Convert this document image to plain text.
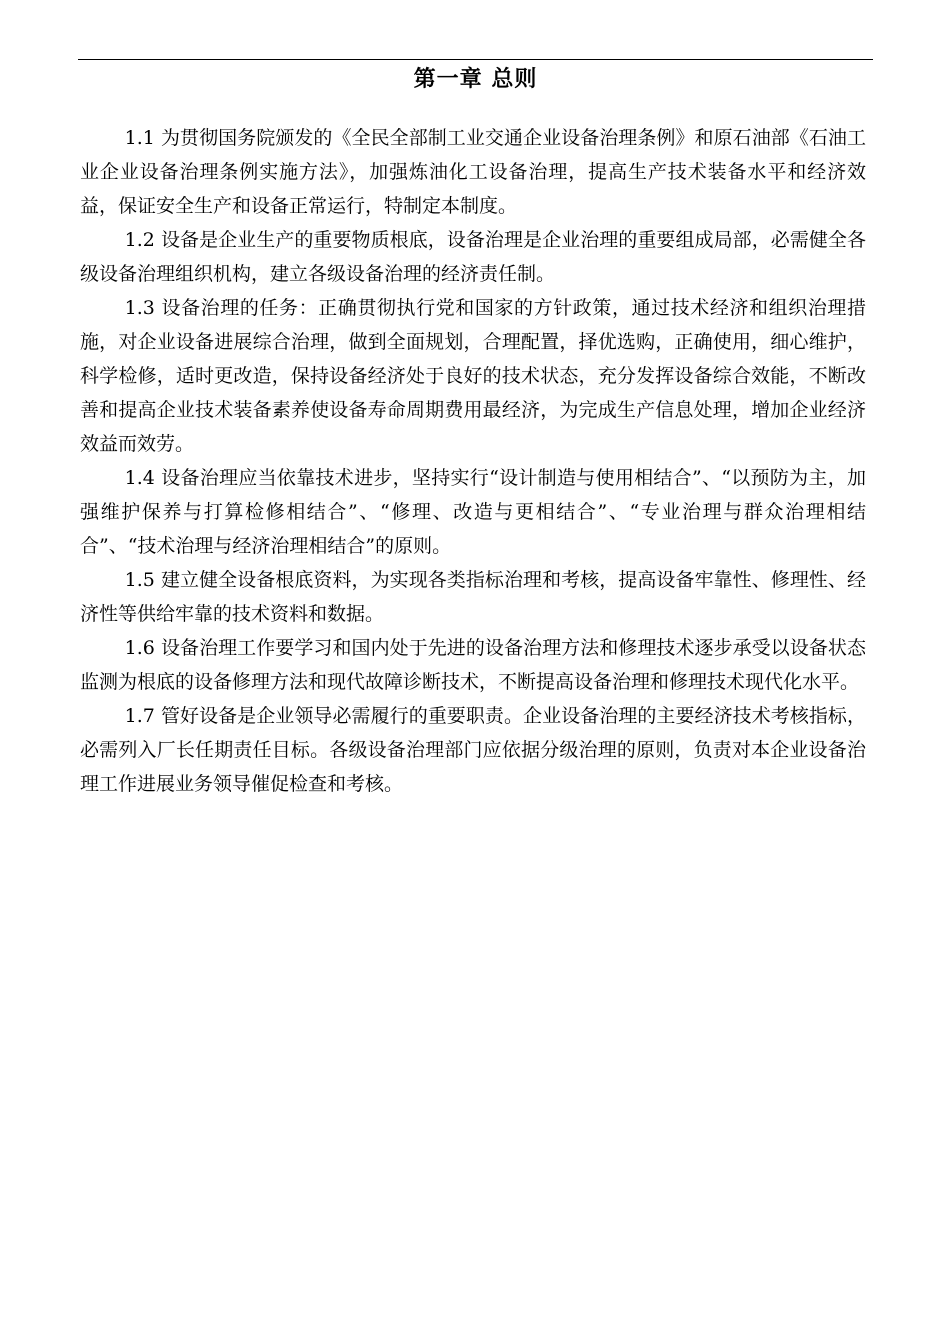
第一章 总则

1.1 为贯彻国务院颁发的《全民全部制工业交通企业设备治理条例》和原石油部《石油工业企业设备治理条例实施方法》，加强炼油化工设备治理，提高生产技术装备水平和经济效益，保证安全生产和设备正常运行，特制定本制度。

1.2 设备是企业生产的重要物质根底，设备治理是企业治理的重要组成局部，必需健全各级设备治理组织机构，建立各级设备治理的经济责任制。

1.3 设备治理的任务：正确贯彻执行党和国家的方针政策，通过技术经济和组织治理措施，对企业设备进展综合治理，做到全面规划，合理配置，择优选购，正确使用，细心维护，科学检修，适时更改造，保持设备经济处于良好的技术状态，充分发挥设备综合效能，不断改善和提高企业技术装备素养使设备寿命周期费用最经济，为完成生产信息处理，增加企业经济效益而效劳。

1.4 设备治理应当依靠技术进步，坚持实行“设计制造与使用相结合”、“以预防为主，加强维护保养与打算检修相结合”、“修理、改造与更相结合”、“专业治理与群众治理相结合”、“技术治理与经济治理相结合”的原则。

1.5 建立健全设备根底资料，为实现各类指标治理和考核，提高设备牢靠性、修理性、经济性等供给牢靠的技术资料和数据。

1.6 设备治理工作要学习和国内处于先进的设备治理方法和修理技术逐步承受以设备状态监测为根底的设备修理方法和现代故障诊断技术，不断提高设备治理和修理技术现代化水平。

1.7 管好设备是企业领导必需履行的重要职责。企业设备治理的主要经济技术考核指标，必需列入厂长任期责任目标。各级设备治理部门应依据分级治理的原则，负责对本企业设备治理工作进展业务领导催促检查和考核。
